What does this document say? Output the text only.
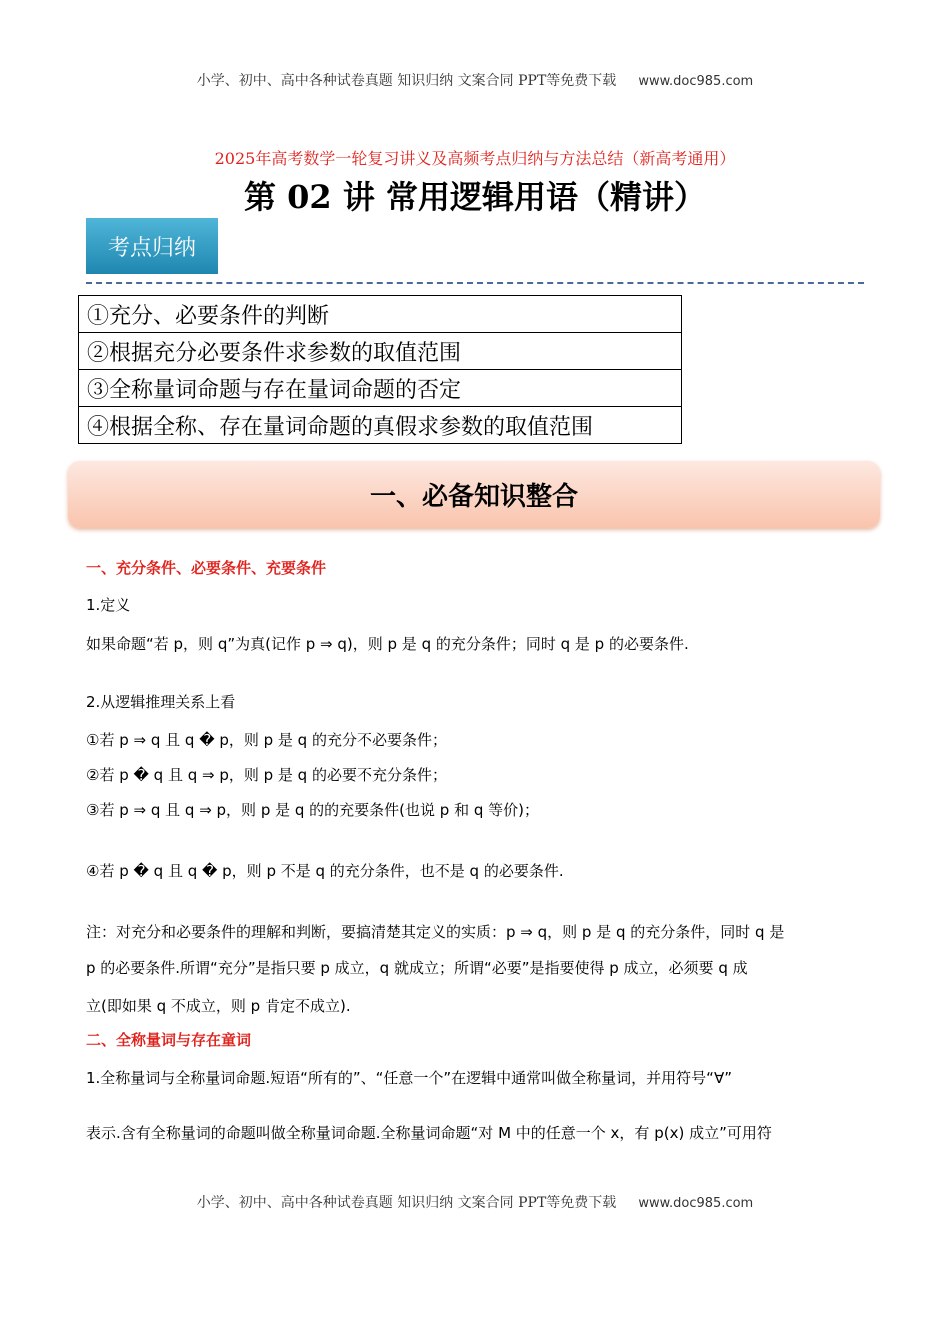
小学、初中、高中各种试卷真题 知识归纳 文案合同 PPT等免费下载 www.doc985.com
2025年高考数学一轮复习讲义及高频考点归纳与方法总结（新高考通用）
第 02 讲 常用逻辑用语（精讲）
考点归纳
①充分、必要条件的判断
②根据充分必要条件求参数的取值范围
③全称量词命题与存在量词命题的否定
④根据全称、存在量词命题的真假求参数的取值范围
一、必备知识整合
一、充分条件、必要条件、充要条件
1.定义
如果命题“若 p，则 q”为真(记作 p ⇒ q)，则 p 是 q 的充分条件；同时 q 是 p 的必要条件.
2.从逻辑推理关系上看
①若 p ⇒ q 且 q � p，则 p 是 q 的充分不必要条件；
②若 p � q 且 q ⇒ p，则 p 是 q 的必要不充分条件；
③若 p ⇒ q 且 q ⇒ p，则 p 是 q 的的充要条件(也说 p 和 q 等价)；
④若 p � q 且 q � p，则 p 不是 q 的充分条件，也不是 q 的必要条件.
注：对充分和必要条件的理解和判断，要搞清楚其定义的实质：p ⇒ q，则 p 是 q 的充分条件，同时 q 是
p 的必要条件.所谓“充分”是指只要 p 成立，q 就成立；所谓“必要”是指要使得 p 成立，必须要 q 成
立(即如果 q 不成立，则 p 肯定不成立).
二、全称量词与存在童词
1.全称量词与全称量词命题.短语“所有的”、“任意一个”在逻辑中通常叫做全称量词，并用符号“∀”
表示.含有全称量词的命题叫做全称量词命题.全称量词命题“对 M 中的任意一个 x，有 p(x) 成立”可用符
小学、初中、高中各种试卷真题 知识归纳 文案合同 PPT等免费下载 www.doc985.com
